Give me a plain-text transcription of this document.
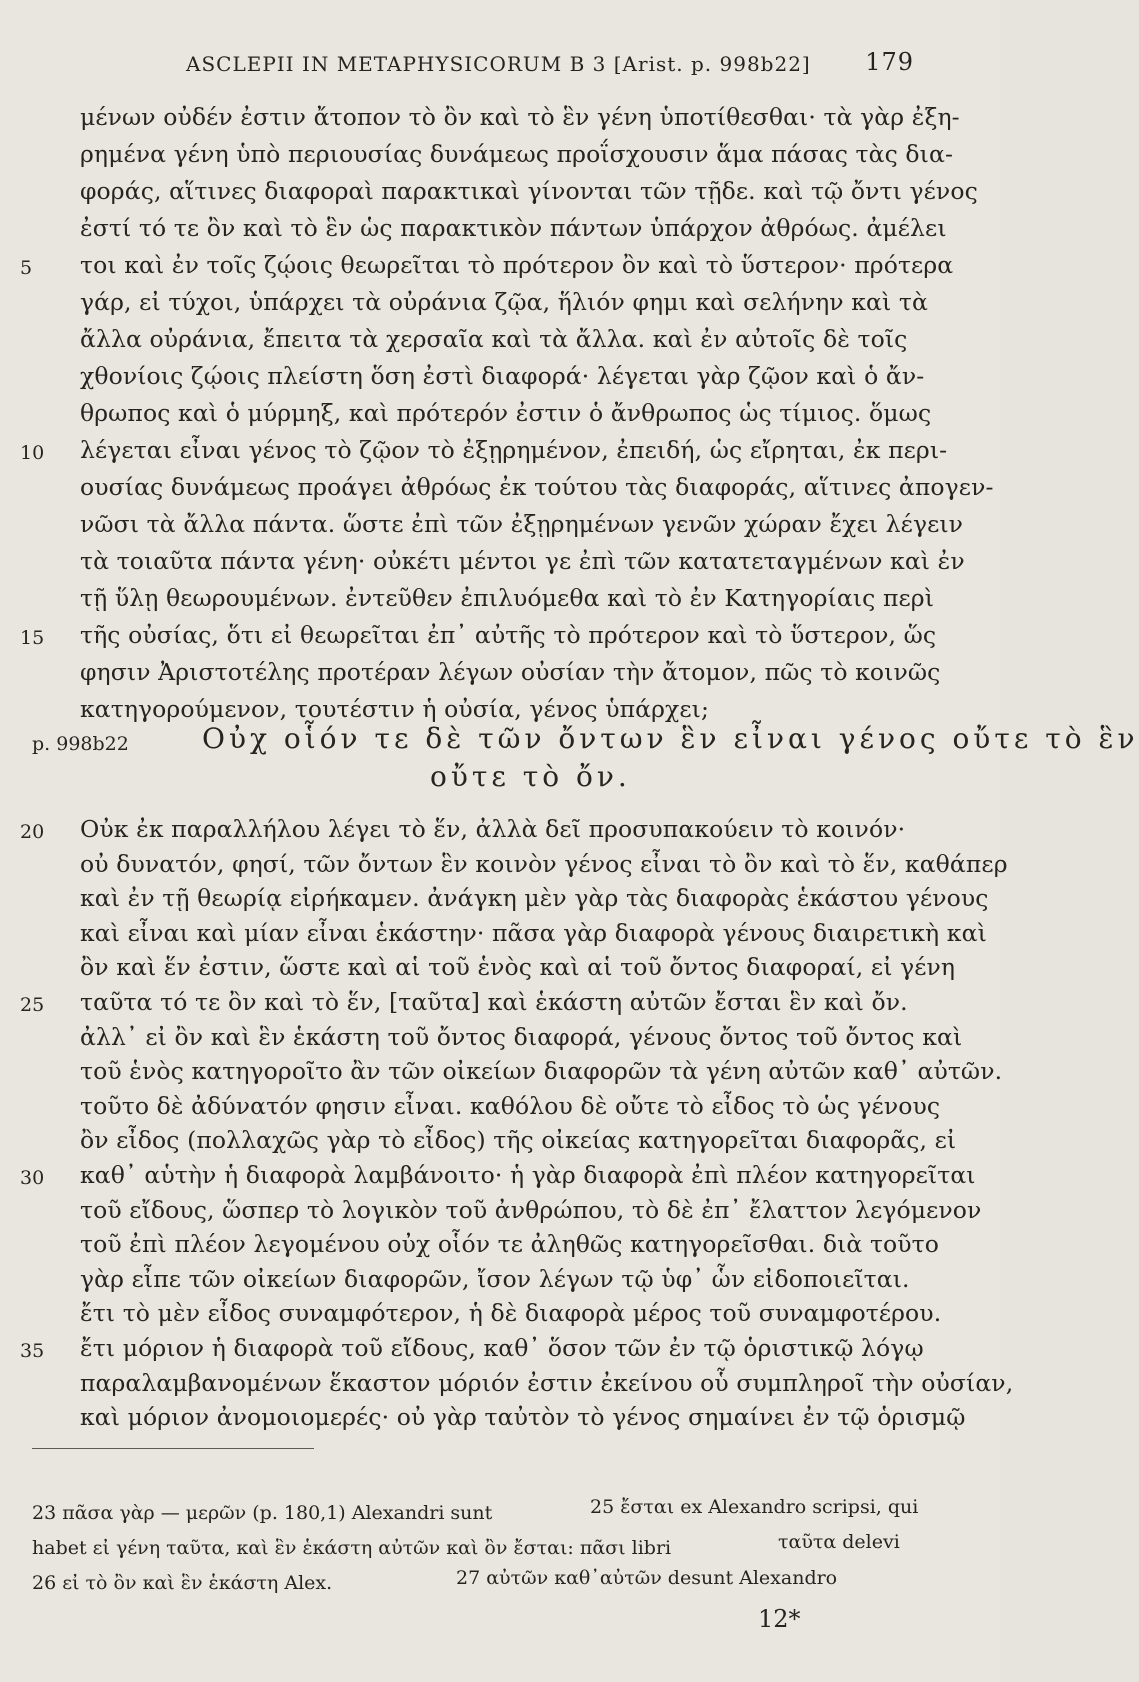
ASCLEPII IN METAPHYSICORUM B 3 [Arist. p. 998b22] 179
μένων οὐδέν ἐστιν ἄτοπον τὸ ὂν καὶ τὸ ἓν γένη ὑποτίθεσθαι· τὰ γὰρ ἐξη-
ρημένα γένη ὑπὸ περιουσίας δυνάμεως προΐσχουσιν ἅμα πάσας τὰς δια-
φοράς, αἵτινες διαφοραὶ παρακτικαὶ γίνονται τῶν τῇδε. καὶ τῷ ὄντι γένος
ἐστί τό τε ὂν καὶ τὸ ἓν ὡς παρακτικὸν πάντων ὑπάρχον ἀθρόως. ἀμέλει
5	τοι καὶ ἐν τοῖς ζῴοις θεωρεῖται τὸ πρότερον ὂν καὶ τὸ ὕστερον· πρότερα
γάρ, εἰ τύχοι, ὑπάρχει τὰ οὐράνια ζῷα, ἥλιόν φημι καὶ σελήνην καὶ τὰ
ἄλλα οὐράνια, ἔπειτα τὰ χερσαῖα καὶ τὰ ἄλλα. καὶ ἐν αὐτοῖς δὲ τοῖς
χθονίοις ζῴοις πλείστη ὅση ἐστὶ διαφορά· λέγεται γὰρ ζῷον καὶ ὁ ἄν-
θρωπος καὶ ὁ μύρμηξ, καὶ πρότερόν ἐστιν ὁ ἄνθρωπος ὡς τίμιος. ὅμως
10	λέγεται εἶναι γένος τὸ ζῷον τὸ ἐξῃρημένον, ἐπειδή, ὡς εἴρηται, ἐκ περι-
ουσίας δυνάμεως προάγει ἀθρόως ἐκ τούτου τὰς διαφοράς, αἵτινες ἀπογεν-
νῶσι τὰ ἄλλα πάντα. ὥστε ἐπὶ τῶν ἐξῃρημένων γενῶν χώραν ἔχει λέγειν
τὰ τοιαῦτα πάντα γένη· οὐκέτι μέντοι γε ἐπὶ τῶν κατατεταγμένων καὶ ἐν
τῇ ὕλῃ θεωρουμένων. ἐντεῦθεν ἐπιλυόμεθα καὶ τὸ ἐν Κατηγορίαις περὶ
15	τῆς οὐσίας, ὅτι εἰ θεωρεῖται ἐπ᾽ αὐτῆς τὸ πρότερον καὶ τὸ ὕστερον, ὥς
φησιν Ἀριστοτέλης προτέραν λέγων οὐσίαν τὴν ἄτομον, πῶς τὸ κοινῶς
κατηγορούμενον, τουτέστιν ἡ οὐσία, γένος ὑπάρχει;
p. 998b22	Οὐχ οἷόν τε δὲ τῶν ὄντων ἓν εἶναι γένος οὔτε τὸ ἓν
οὔτε τὸ ὄν.
20	Οὐκ ἐκ παραλλήλου λέγει τὸ ἕν, ἀλλὰ δεῖ προσυπακούειν τὸ κοινόν·
οὐ δυνατόν, φησί, τῶν ὄντων ἓν κοινὸν γένος εἶναι τὸ ὂν καὶ τὸ ἕν, καθάπερ
καὶ ἐν τῇ θεωρίᾳ εἰρήκαμεν. ἀνάγκη μὲν γὰρ τὰς διαφορὰς ἑκάστου γένους
καὶ εἶναι καὶ μίαν εἶναι ἑκάστην· πᾶσα γὰρ διαφορὰ γένους διαιρετικὴ καὶ
ὂν καὶ ἕν ἐστιν, ὥστε καὶ αἱ τοῦ ἑνὸς καὶ αἱ τοῦ ὄντος διαφοραί, εἰ γένη
25	ταῦτα τό τε ὂν καὶ τὸ ἕν, [ταῦτα] καὶ ἑκάστη αὐτῶν ἔσται ἓν καὶ ὄν.
ἀλλ᾽ εἰ ὂν καὶ ἓν ἑκάστη τοῦ ὄντος διαφορά, γένους ὄντος τοῦ ὄντος καὶ
τοῦ ἑνὸς κατηγοροῖτο ἂν τῶν οἰκείων διαφορῶν τὰ γένη αὐτῶν καθ᾽ αὐτῶν.
τοῦτο δὲ ἀδύνατόν φησιν εἶναι. καθόλου δὲ οὔτε τὸ εἶδος τὸ ὡς γένους
ὂν εἶδος (πολλαχῶς γὰρ τὸ εἶδος) τῆς οἰκείας κατηγορεῖται διαφορᾶς, εἰ
30	καθ᾽ αὑτὴν ἡ διαφορὰ λαμβάνοιτο· ἡ γὰρ διαφορὰ ἐπὶ πλέον κατηγορεῖται
τοῦ εἴδους, ὥσπερ τὸ λογικὸν τοῦ ἀνθρώπου, τὸ δὲ ἐπ᾽ ἔλαττον λεγόμενον
τοῦ ἐπὶ πλέον λεγομένου οὐχ οἷόν τε ἀληθῶς κατηγορεῖσθαι. διὰ τοῦτο
γὰρ εἶπε τῶν οἰκείων διαφορῶν, ἴσον λέγων τῷ ὑφ᾽ ὧν εἰδοποιεῖται.
ἔτι τὸ μὲν εἶδος συναμφότερον, ἡ δὲ διαφορὰ μέρος τοῦ συναμφοτέρου.
35	ἔτι μόριον ἡ διαφορὰ τοῦ εἴδους, καθ᾽ ὅσον τῶν ἐν τῷ ὁριστικῷ λόγῳ
παραλαμβανομένων ἕκαστον μόριόν ἐστιν ἐκείνου οὗ συμπληροῖ τὴν οὐσίαν,
καὶ μόριον ἀνομοιομερές· οὐ γὰρ ταὐτὸν τὸ γένος σημαίνει ἐν τῷ ὁρισμῷ
23 πᾶσα γὰρ — μερῶν (p. 180,1) Alexandri sunt	25 ἔσται ex Alexandro scripsi, qui
habet εἰ γένη ταῦτα, καὶ ἓν ἑκάστη αὐτῶν καὶ ὂν ἔσται: πᾶσι libri	ταῦτα delevi
26 εἰ τὸ ὂν καὶ ἓν ἑκάστη Alex.	27 αὐτῶν καθ᾽αὐτῶν desunt Alexandro
12*
